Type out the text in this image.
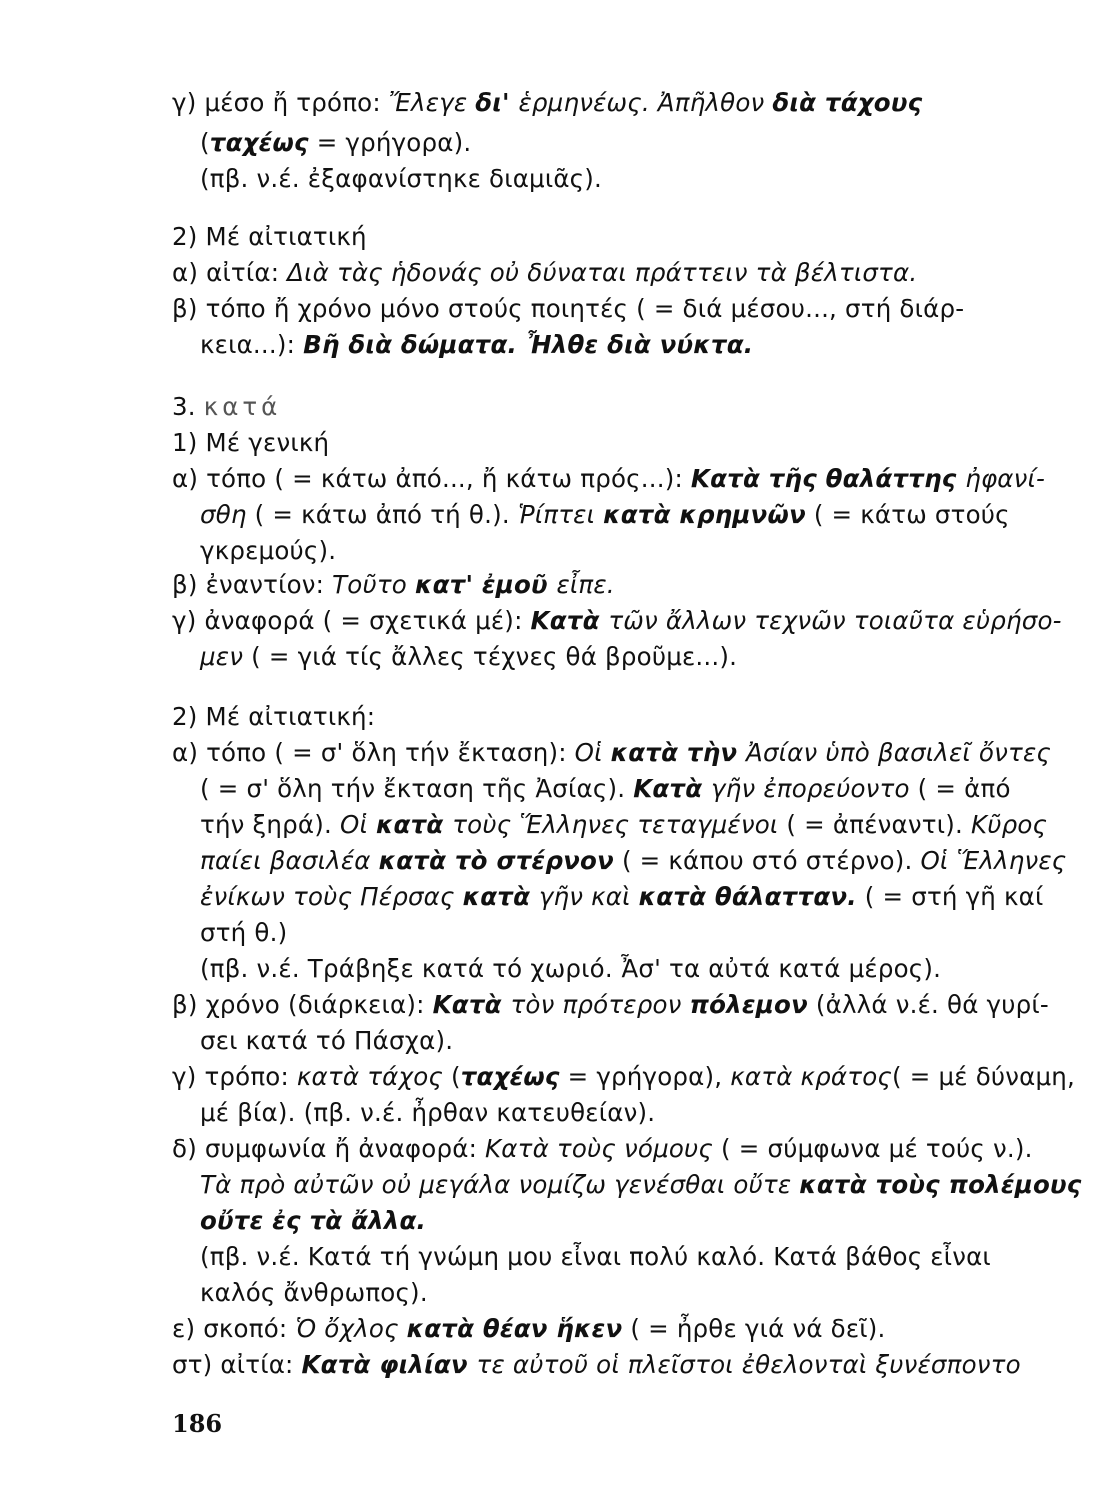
γ) μέσο ἤ τρόπο: Ἔλεγε δι' ἑρμηνέως. Ἀπῆλθον διὰ τάχους
(ταχέως = γρήγορα).
(πβ. ν.έ. ἐξαφανίστηκε διαμιᾶς).
2) Μέ αἰτιατική
α) αἰτία: Διὰ τὰς ἡδονάς οὐ δύναται πράττειν τὰ βέλτιστα.
β) τόπο ἤ χρόνο μόνο στούς ποιητές ( = διά μέσου..., στή διάρ-
κεια...): Βῆ διὰ δώματα. Ἦλθε διὰ νύκτα.
3. κατά
1) Μέ γενική
α) τόπο ( = κάτω ἀπό..., ἤ κάτω πρός...): Κατὰ τῆς θαλάττης ἠφανί-
σθη ( = κάτω ἀπό τή θ.). Ῥίπτει κατὰ κρημνῶν ( = κάτω στούς
γκρεμούς).
β) ἐναντίον: Τοῦτο κατ' ἐμοῦ εἶπε.
γ) ἀναφορά ( = σχετικά μέ): Κατὰ τῶν ἄλλων τεχνῶν τοιαῦτα εὑρήσο-
μεν ( = γιά τίς ἄλλες τέχνες θά βροῦμε...).
2) Μέ αἰτιατική:
α) τόπο ( = σ' ὅλη τήν ἔκταση): Οἱ κατὰ τὴν Ἀσίαν ὑπὸ βασιλεῖ ὄντες
( = σ' ὅλη τήν ἔκταση τῆς Ἀσίας). Κατὰ γῆν ἐπορεύοντο ( = ἀπό
τήν ξηρά). Οἱ κατὰ τοὺς Ἕλληνες τεταγμένοι ( = ἀπέναντι). Κῦρος
παίει βασιλέα κατὰ τὸ στέρνον ( = κάπου στό στέρνο). Οἱ Ἕλληνες
ἐνίκων τοὺς Πέρσας κατὰ γῆν καὶ κατὰ θάλατταν. ( = στή γῆ καί
στή θ.)
(πβ. ν.έ. Τράβηξε κατά τό χωριό. Ἆσ' τα αὐτά κατά μέρος).
β) χρόνο (διάρκεια): Κατὰ τὸν πρότερον πόλεμον (ἀλλά ν.έ. θά γυρί-
σει κατά τό Πάσχα).
γ) τρόπο: κατὰ τάχος (ταχέως = γρήγορα), κατὰ κράτος( = μέ δύναμη,
μέ βία). (πβ. ν.έ. ἦρθαν κατευθείαν).
δ) συμφωνία ἤ ἀναφορά: Κατὰ τοὺς νόμους ( = σύμφωνα μέ τούς ν.).
Τὰ πρὸ αὐτῶν οὐ μεγάλα νομίζω γενέσθαι οὔτε κατὰ τοὺς πολέμους
οὔτε ἐς τὰ ἄλλα.
(πβ. ν.έ. Κατά τή γνώμη μου εἶναι πολύ καλό. Κατά βάθος εἶναι
καλός ἄνθρωπος).
ε) σκοπό: Ὁ ὄχλος κατὰ θέαν ἥκεν ( = ἦρθε γιά νά δεῖ).
στ) αἰτία: Κατὰ φιλίαν τε αὐτοῦ οἱ πλεῖστοι ἐθελονταὶ ξυνέσποντο
186
